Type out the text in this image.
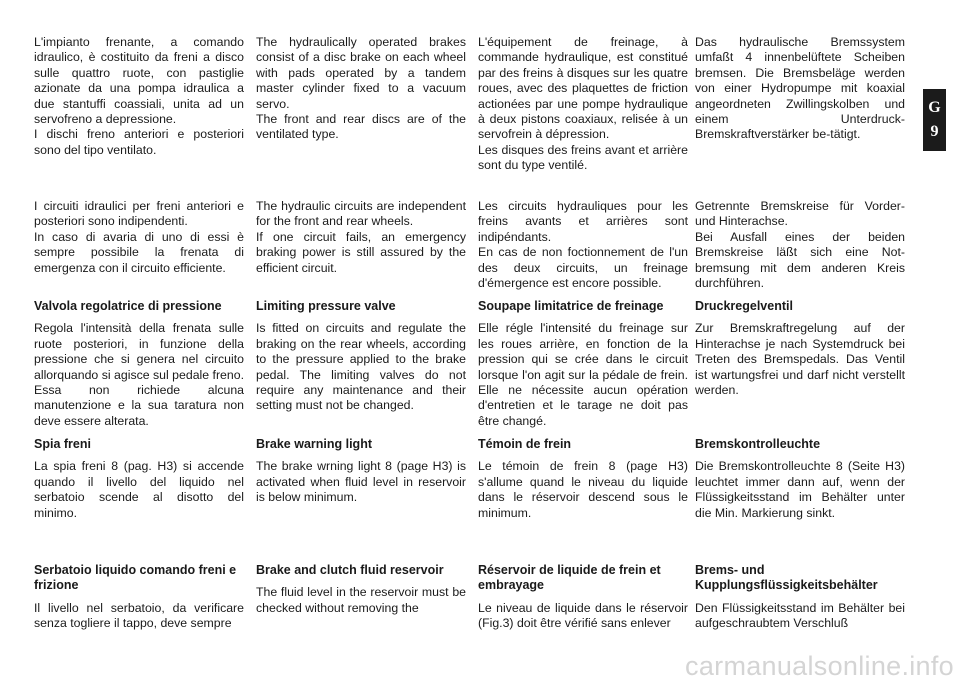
L'impianto frenante, a comando idraulico, è costituito da freni a disco sulle quattro ruote, con pastiglie azionate da una pompa idraulica a due stantuffi coassiali, unita ad un servofreno a depressione.

I dischi freno anteriori e posteriori sono del tipo ventilato.

I circuiti idraulici per freni anteriori e posteriori sono indipendenti.

In caso di avaria di uno di essi è sempre possibile la frenata di emergenza con il circuito efficiente.

Valvola regolatrice di pressione

Regola l'intensità della frenata sulle ruote posteriori, in funzione della pressione che si genera nel circuito allorquando si agisce sul pedale freno. Essa non richiede alcuna manutenzione e la sua taratura non deve essere alterata.

Spia freni

La spia freni 8 (pag. H3) si accende quando il livello del liquido nel serbatoio scende al disotto del minimo.

Serbatoio liquido comando freni e frizione

Il livello nel serbatoio, da verificare senza togliere il tappo, deve sempre

The hydraulically operated brakes consist of a disc brake on each wheel with pads operated by a tandem master cylinder fixed to a vacuum servo.

The front and rear discs are of the ventilated type.

The hydraulic circuits are independent for the front and rear wheels.

If one circuit fails, an emergency braking power is still assured by the efficient circuit.

Limiting pressure valve

Is fitted on circuits and regulate the braking on the rear wheels, according to the pressure applied to the brake pedal. The limiting valves do not require any maintenance and their setting must not be changed.

Brake warning light

The brake wrning light 8 (page H3) is activated when fluid level in reservoir is below minimum.

Brake and clutch fluid reservoir

The fluid level in the reservoir must be checked without removing the

L'équipement de freinage, à commande hydraulique, est constitué par des freins à disques sur les quatre roues, avec des plaquettes de friction actionées par une pompe hydraulique à deux pistons coaxiaux, relisée à un servofrein à dépression.

Les disques des freins avant et arrière sont du type ventilé.

Les circuits hydrauliques pour les freins avants et arrières sont indipéndants.

En cas de non foctionnement de l'un des deux circuits, un freinage d'émergence est encore possible.

Soupape limitatrice de freinage

Elle régle l'intensité du freinage sur les roues arrière, en fonction de la pression qui se crée dans le circuit lorsque l'on agit sur la pédale de frein. Elle ne nécessite aucun opération d'entretien et le tarage ne doit pas être changé.

Témoin de frein

Le témoin de frein 8 (page H3) s'allume quand le niveau du liquide dans le réservoir descend sous le minimum.

Réservoir de liquide de frein et embrayage

Le niveau de liquide dans le réservoir (Fig.3) doit être vérifié sans enlever

Das hydraulische Bremssystem umfaßt 4 innenbelüftete Scheiben bremsen. Die Bremsbeläge werden von einer Hydropumpe mit koaxial angeordneten Zwillingskolben und einem Unterdruck-Bremskraftverstärker be-tätigt.

Getrennte Bremskreise für Vorder- und Hinterachse.

Bei Ausfall eines der beiden Bremskreise läßt sich eine Not- bremsung mit dem anderen Kreis durchführen.

Druckregelventil

Zur Bremskraftregelung auf der Hinterachse je nach Systemdruck bei Treten des Bremspedals. Das Ventil ist wartungsfrei und darf nicht verstellt werden.

Bremskontrolleuchte

Die Bremskontrolleuchte 8 (Seite H3) leuchtet immer dann auf, wenn der Flüssigkeitsstand im Behälter unter die Min. Markierung sinkt.

Brems- und Kupplungsflüssigkeitsbehälter

Den Flüssigkeitsstand im Behälter bei aufgeschraubtem Verschluß

G
9
carmanualsonline.info
